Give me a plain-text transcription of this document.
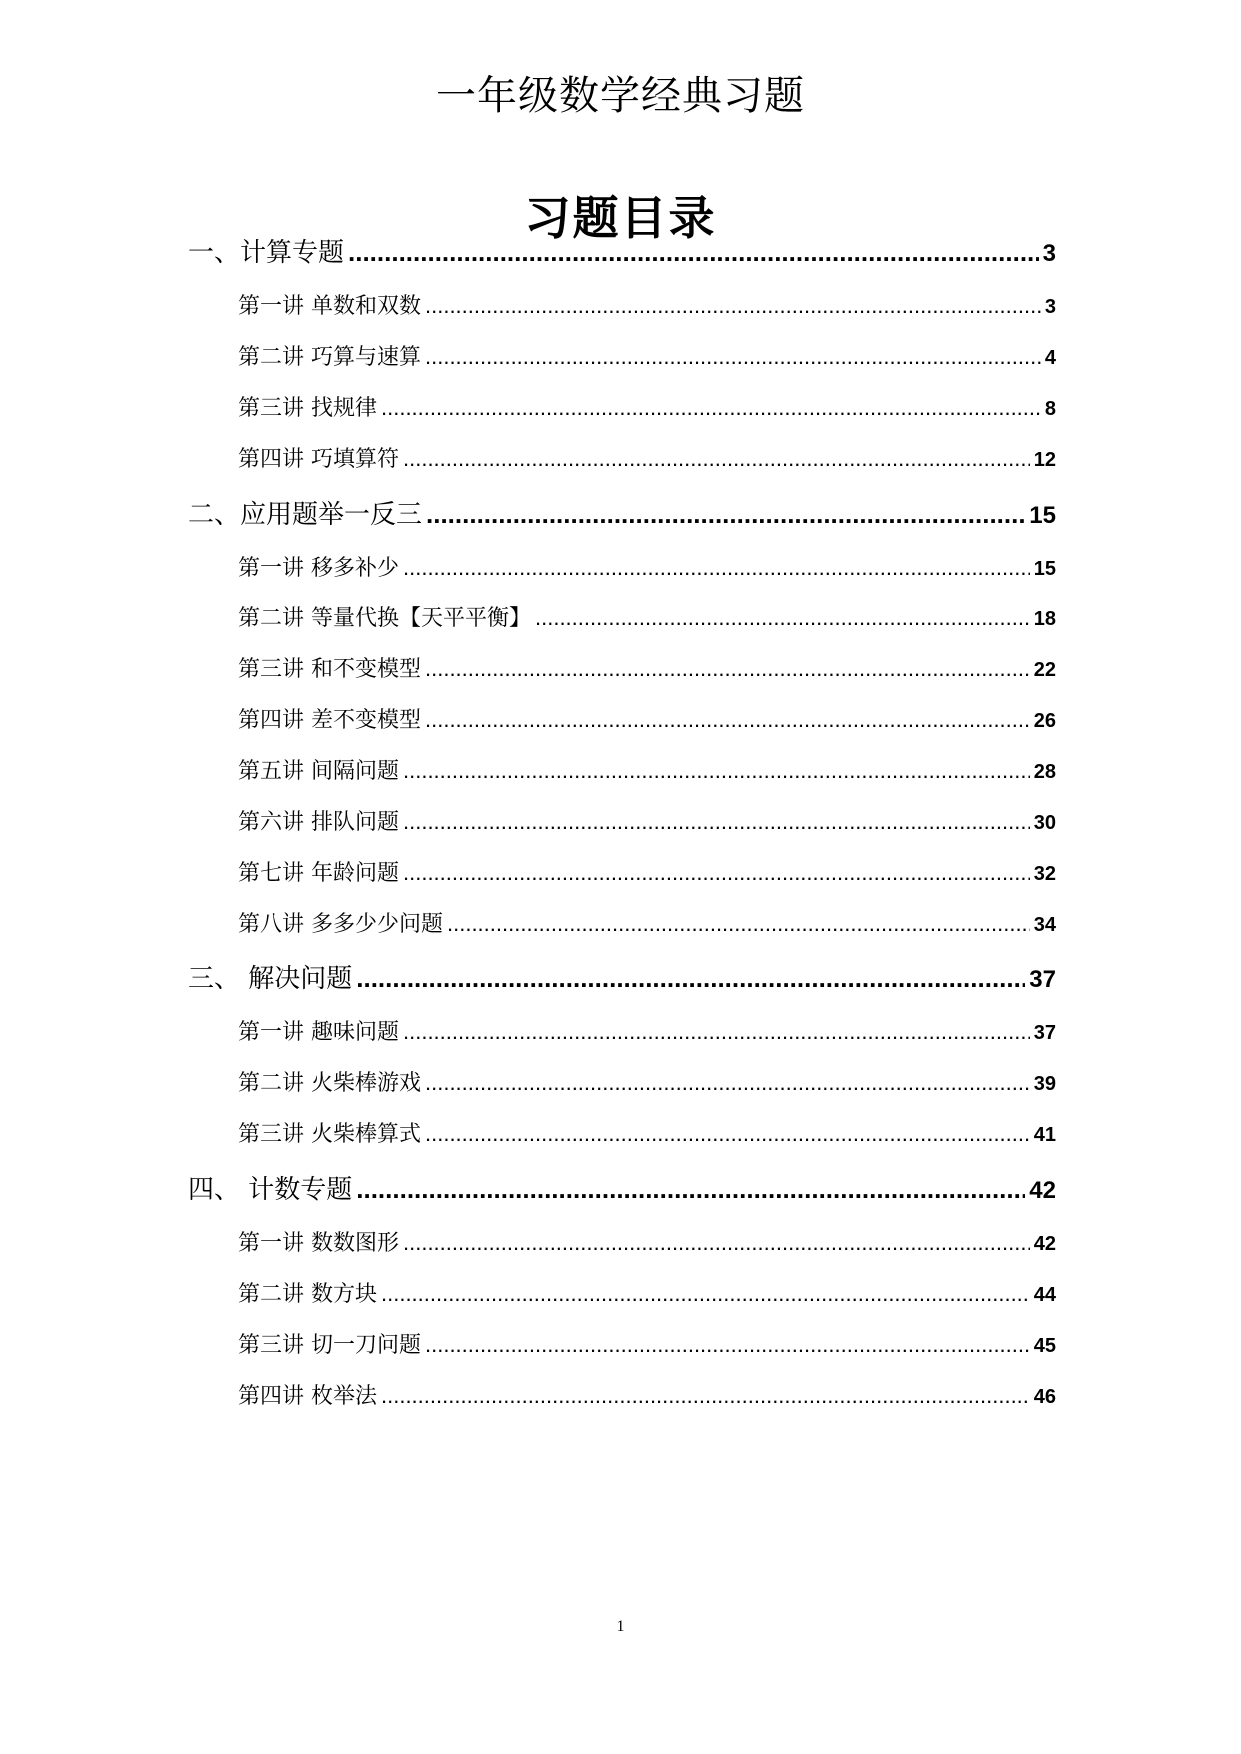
一年级数学经典习题
习题目录
一、计算专题 .....	3
第一讲 单数和双数 .....	3
第二讲 巧算与速算 .....	4
第三讲 找规律 .....	8
第四讲 巧填算符 .....	12
二、应用题举一反三 .....	15
第一讲 移多补少 .....	15
第二讲 等量代换【天平平衡】 .....	18
第三讲 和不变模型 .....	22
第四讲 差不变模型 .....	26
第五讲 间隔问题 .....	28
第六讲 排队问题 .....	30
第七讲 年龄问题 .....	32
第八讲 多多少少问题 .....	34
三、 解决问题 .....	37
第一讲 趣味问题 .....	37
第二讲 火柴棒游戏 .....	39
第三讲 火柴棒算式 .....	41
四、 计数专题 .....	42
第一讲 数数图形 .....	42
第二讲 数方块 .....	44
第三讲 切一刀问题 .....	45
第四讲 枚举法 .....	46
1
